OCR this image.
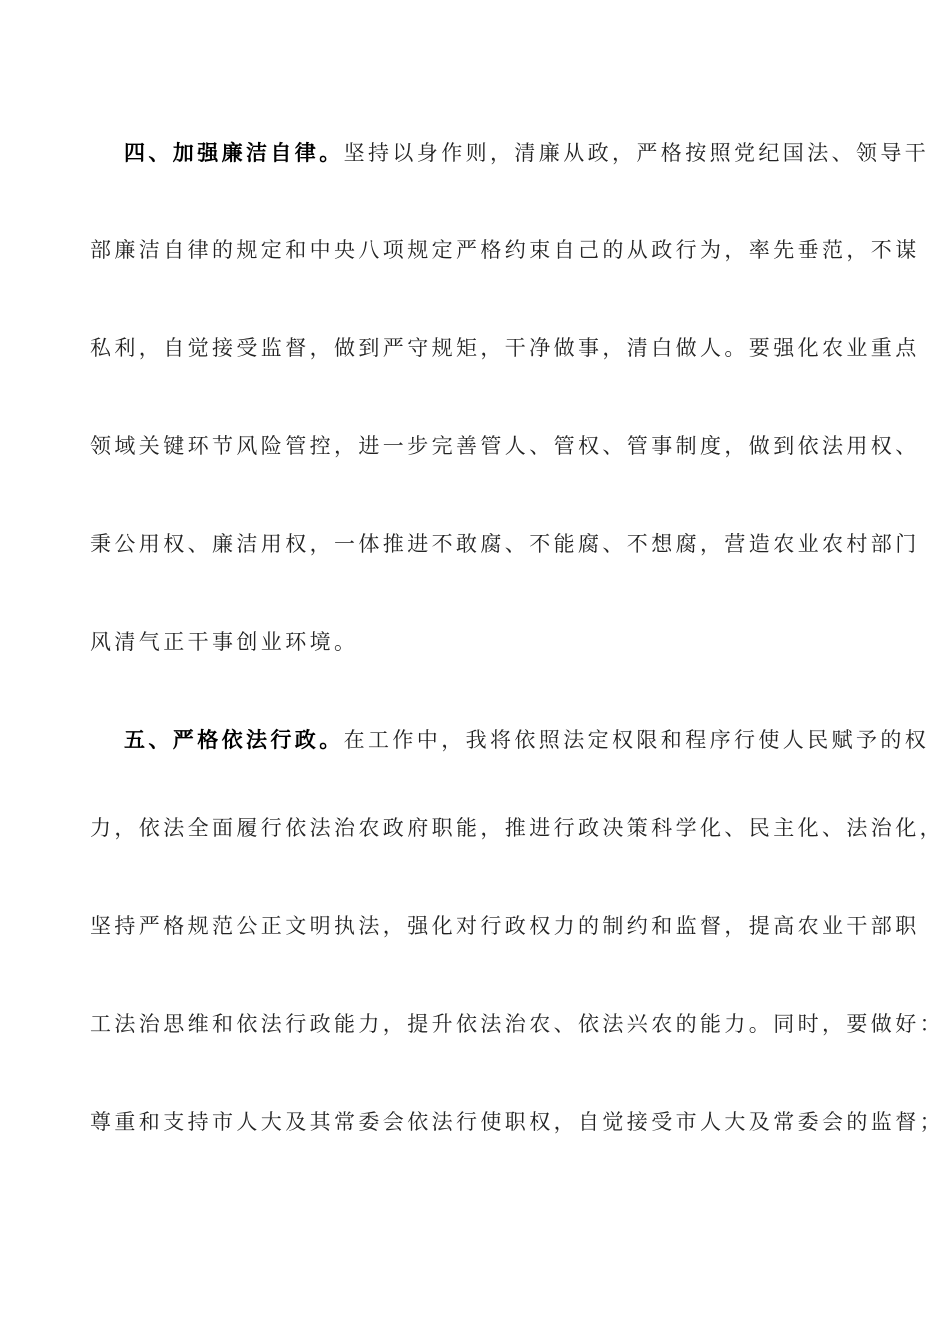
四、加强廉洁自律。坚持以身作则，清廉从政，严格按照党纪国法、领导干
部廉洁自律的规定和中央八项规定严格约束自己的从政行为，率先垂范，不谋
私利，自觉接受监督，做到严守规矩，干净做事，清白做人。要强化农业重点
领域关键环节风险管控，进一步完善管人、管权、管事制度，做到依法用权、
秉公用权、廉洁用权，一体推进不敢腐、不能腐、不想腐，营造农业农村部门
风清气正干事创业环境。
五、严格依法行政。在工作中，我将依照法定权限和程序行使人民赋予的权
力，依法全面履行依法治农政府职能，推进行政决策科学化、民主化、法治化，
坚持严格规范公正文明执法，强化对行政权力的制约和监督，提高农业干部职
工法治思维和依法行政能力，提升依法治农、依法兴农的能力。同时，要做好：
尊重和支持市人大及其常委会依法行使职权，自觉接受市人大及常委会的监督；
